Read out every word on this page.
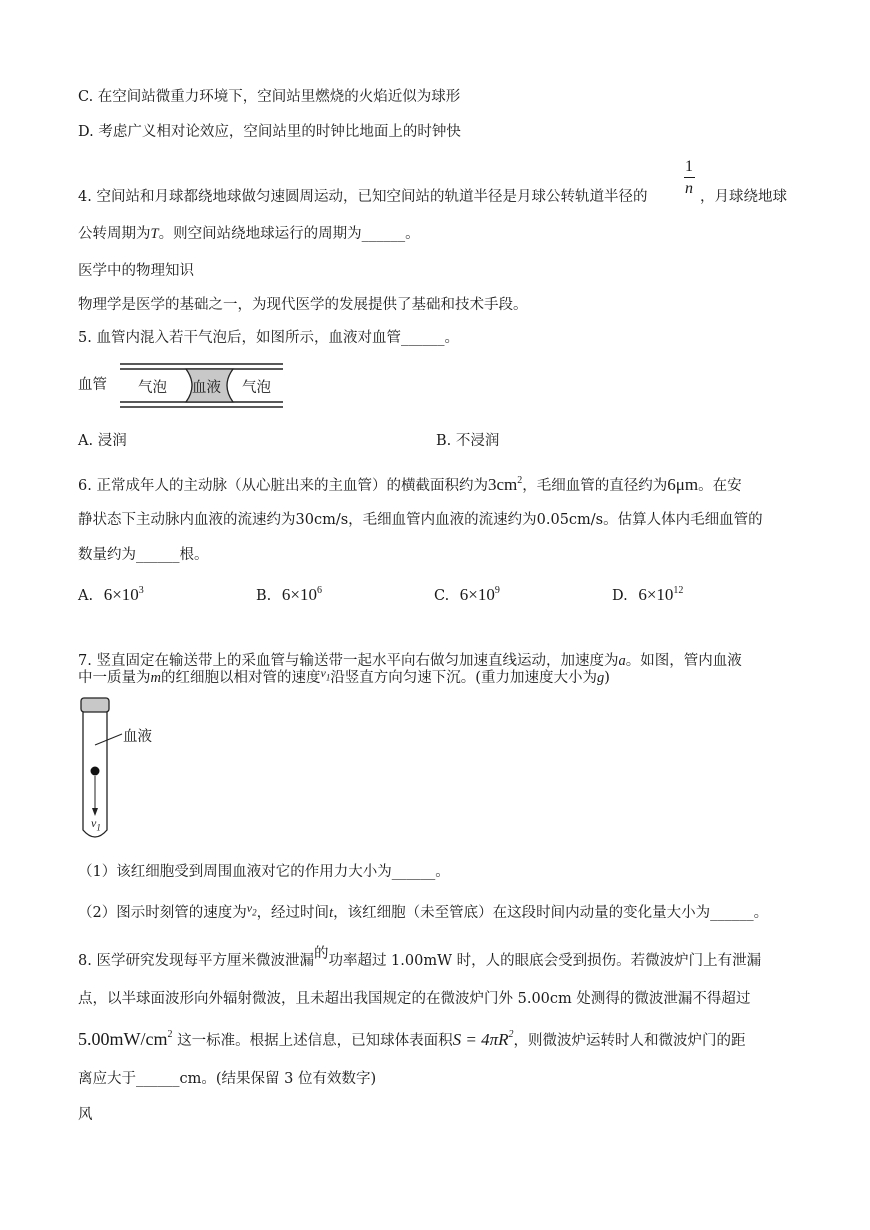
C. 在空间站微重力环境下，空间站里燃烧的火焰近似为球形
D. 考虑广义相对论效应，空间站里的时钟比地面上的时钟快
4. 空间站和月球都绕地球做匀速圆周运动，已知空间站的轨道半径是月球公转轨道半径的
1
n ，月球绕地球
公转周期为T。则空间站绕地球运行的周期为______。
医学中的物理知识
物理学是医学的基础之一，为现代医学的发展提供了基础和技术手段。
5. 血管内混入若干气泡后，如图所示，血液对血管______。
血管 气泡 血液 气泡
A. 浸润	B. 不浸润
6. 正常成年人的主动脉（从心脏出来的主血管）的横截面积约为$3cm^2$，毛细血管的直径约为6μm。在安
静状态下主动脉内血液的流速约为30cm/s，毛细血管内血液的流速约为0.05cm/s。估算人体内毛细血管的
数量约为______根。
A. $6\times 10^3$	B. $6\times 10^6$	C. $6\times 10^9$	D. $6\times 10^{12}$
7. 竖直固定在输送带上的采血管与输送带一起水平向右做匀加速直线运动，加速度为a。如图，管内血液
中一质量为m的红细胞以相对管的速度$^{v_1}$沿竖直方向匀速下沉。(重力加速度大小为g)
血液
$v_1$
（1）该红细胞受到周围血液对它的作用力大小为______。
（2）图示时刻管的速度为$^{v_2}$，经过时间t，该红细胞（未至管底）在这段时间内动量的变化量大小为______。
8. 医学研究发现每平方厘米微波泄漏的功率超过 1.00mW 时，人的眼底会受到损伤。若微波炉门上有泄漏
点，以半球面波形向外辐射微波，且未超出我国规定的在微波炉门外 5.00cm 处测得的微波泄漏不得超过
$5.00mW/cm^2$ 这一标准。根据上述信息，已知球体表面积$S = 4\pi R^2$，则微波炉运转时人和微波炉门的距
离应大于______cm。(结果保留 3 位有效数字)
风
